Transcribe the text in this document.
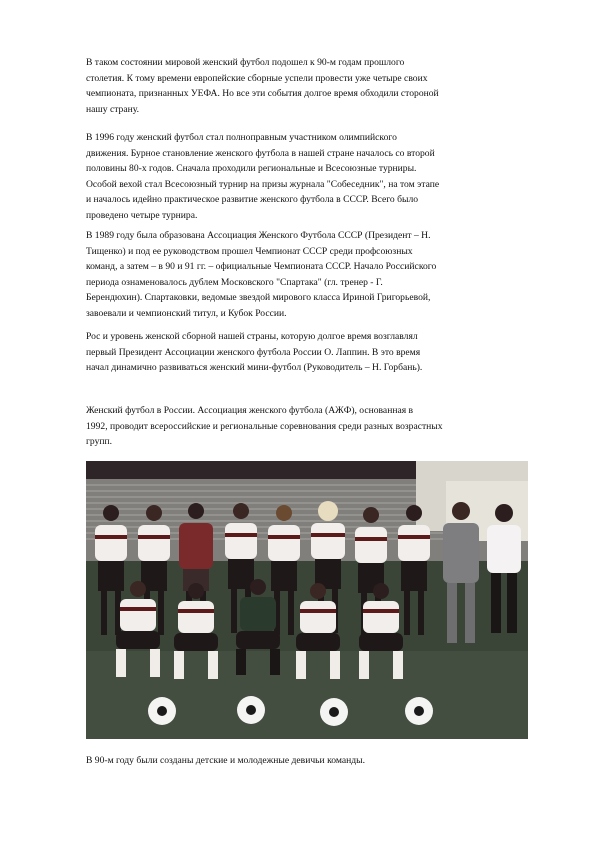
В таком состоянии мировой женский футбол подошел к 90-м годам прошлого
столетия. К тому времени европейские сборные успели провести уже четыре своих
чемпионата, признанных УЕФА. Но все эти события долгое время обходили стороной
нашу страну.

В 1996 году женский футбол стал полноправным участником олимпийского
движения. Бурное становление женского футбола в нашей стране началось со второй
половины 80-х годов. Сначала проходили региональные и Всесоюзные турниры.
Особой вехой стал Всесоюзный турнир на призы журнала "Собеседник", на том этапе
и началось идейно практическое развитие женского футбола в СССР. Всего было
проведено четыре турнира.

В 1989 году была образована Ассоциация Женского Футбола СССР (Президент – Н.
Тищенко) и под ее руководством прошел Чемпионат СССР среди профсоюзных
команд, а затем – в 90 и 91 гг. – официальные Чемпионата СССР. Начало Российского
периода ознаменовалось дублем Московского "Спартака" (гл. тренер - Г.
Берендюхин). Спартаковки, ведомые звездой мирового класса Ириной Григорьевой,
завоевали и чемпионский титул, и Кубок России.

Рос и уровень женской сборной нашей страны, которую долгое время возглавлял
первый Президент Ассоциации женского футбола России О. Лаппин. В это время
начал динамично развиваться женский мини-футбол (Руководитель – Н. Горбань).

Женский футбол в России. Ассоциация женского футбола (АЖФ), основанная в
1992, проводит всероссийские и региональные соревнования среди разных возрастных
групп.

В 90-м году были созданы детские и молодежные девичьи команды.
